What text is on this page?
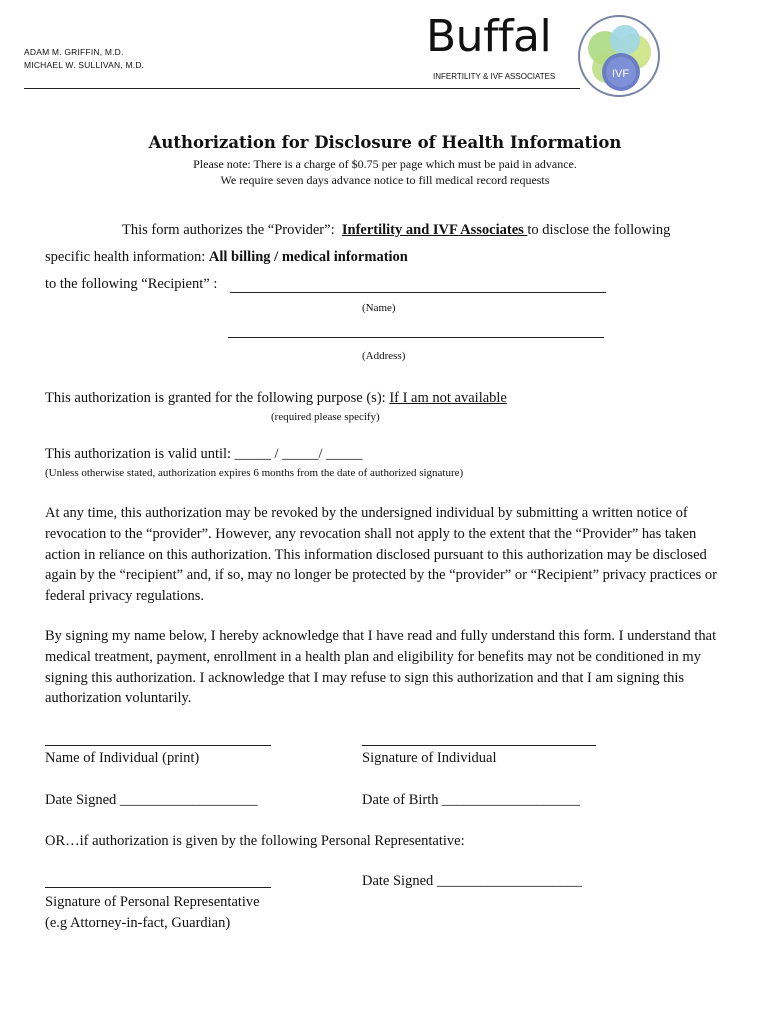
ADAM M. GRIFFIN, M.D.
MICHAEL W. SULLIVAN, M.D.
Buffal
INFERTILITY & IVF ASSOCIATES	IVF
Authorization for Disclosure of Health Information
Please note: There is a charge of $0.75 per page which must be paid in advance.
We require seven days advance notice to fill medical record requests
This form authorizes the “Provider”: Infertility and IVF Associates to disclose the following
specific health information: All billing / medical information
to the following “Recipient” :
(Name)
(Address)
This authorization is granted for the following purpose (s): If I am not available
(required please specify)
This authorization is valid until: _____ / _____/ _____
(Unless otherwise stated, authorization expires 6 months from the date of authorized signature)
At any time, this authorization may be revoked by the undersigned individual by submitting a written notice of revocation to the “provider”. However, any revocation shall not apply to the extent that the “Provider” has taken action in reliance on this authorization. This information disclosed pursuant to this authorization may be disclosed again by the “recipient” and, if so, may no longer be protected by the “provider” or “Recipient” privacy practices or federal privacy regulations.
By signing my name below, I hereby acknowledge that I have read and fully understand this form. I understand that medical treatment, payment, enrollment in a health plan and eligibility for benefits may not be conditioned in my signing this authorization. I acknowledge that I may refuse to sign this authorization and that I am signing this authorization voluntarily.
Name of Individual (print)	Signature of Individual
Date Signed ___________________	Date of Birth ___________________
OR…if authorization is given by the following Personal Representative:
Date Signed ____________________
Signature of Personal Representative
(e.g Attorney-in-fact, Guardian)
